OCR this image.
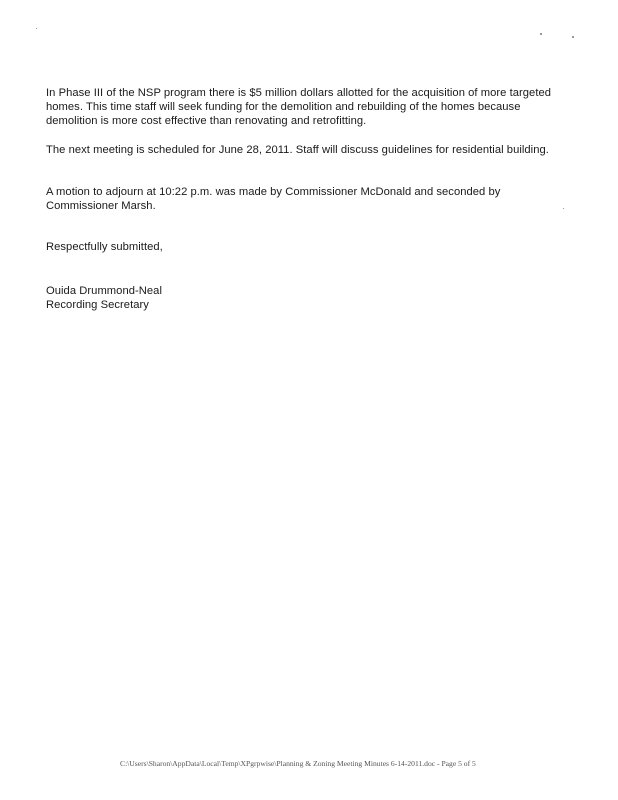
In Phase III of the NSP program there is $5 million dollars allotted for the acquisition of more targeted homes. This time staff will seek funding for the demolition and rebuilding of the homes because demolition is more cost effective than renovating and retrofitting.

The next meeting is scheduled for June 28, 2011. Staff will discuss guidelines for residential building.

A motion to adjourn at 10:22 p.m. was made by Commissioner McDonald and seconded by Commissioner Marsh.

Respectfully submitted,

Ouida Drummond-Neal
Recording Secretary
C:\Users\Sharon\AppData\Local\Temp\XPgrpwise\Planning & Zoning Meeting Minutes 6-14-2011.doc - Page 5 of 5
